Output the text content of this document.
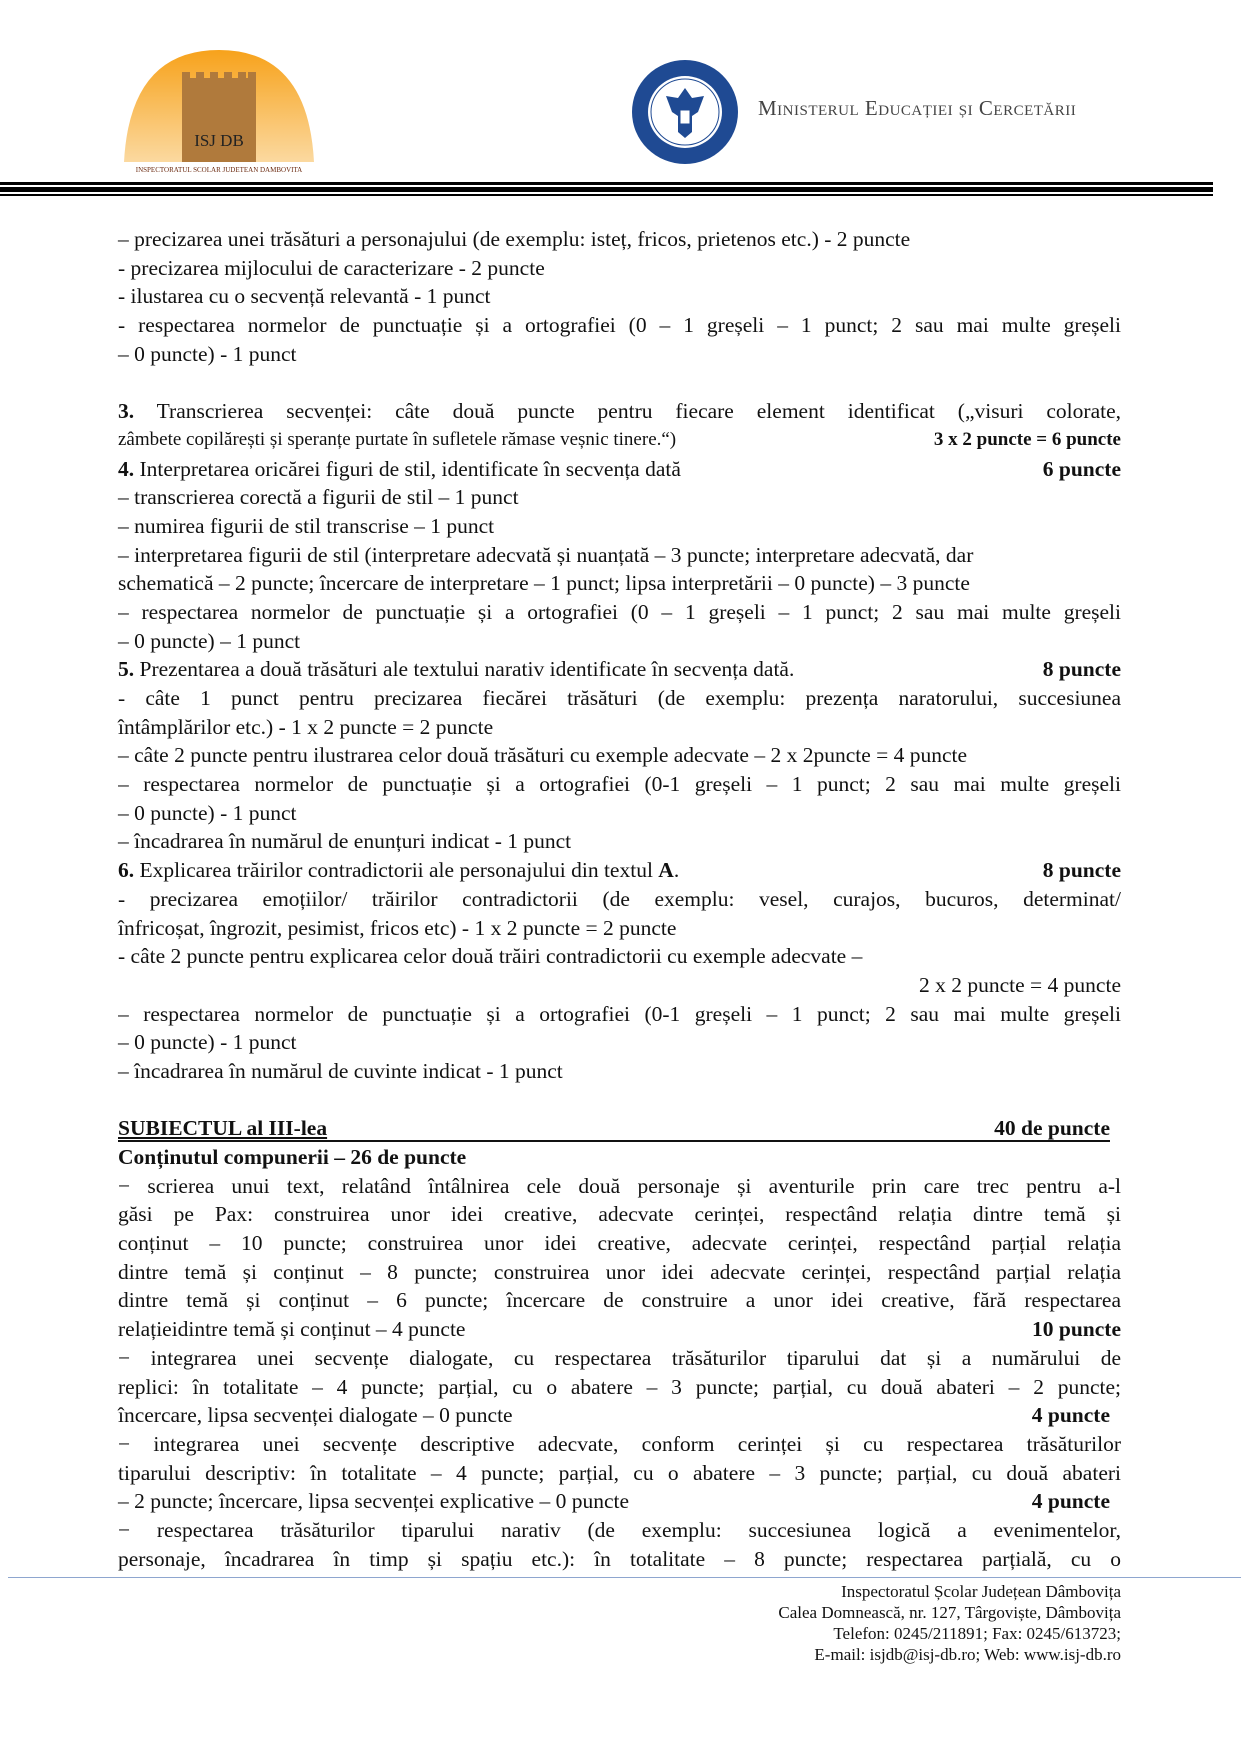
ISJ DB
INSPECTORATUL SCOLAR JUDETEAN DAMBOVITA
Ministerul Educației și Cercetării
– precizarea unei trăsături a personajului (de exemplu: isteț, fricos, prietenos etc.) - 2 puncte
- precizarea mijlocului de caracterizare - 2 puncte
- ilustarea cu o secvență relevantă - 1 punct
- respectarea normelor de punctuație și a ortografiei (0 – 1 greșeli – 1 punct; 2 sau mai multe greșeli
– 0 puncte) - 1 punct
3. Transcrierea secvenței: câte două puncte pentru fiecare element identificat („visuri colorate,
zâmbete copilărești și speranțe purtate în sufletele rămase veșnic tinere.“)	3 x 2 puncte = 6 puncte
4. Interpretarea oricărei figuri de stil, identificate în secvența dată	6 puncte
– transcrierea corectă a figurii de stil – 1 punct
– numirea figurii de stil transcrise – 1 punct
– interpretarea figurii de stil (interpretare adecvată și nuanțată – 3 puncte; interpretare adecvată, dar
schematică – 2 puncte; încercare de interpretare – 1 punct; lipsa interpretării – 0 puncte) – 3 puncte
– respectarea normelor de punctuație și a ortografiei (0 – 1 greșeli – 1 punct; 2 sau mai multe greșeli
– 0 puncte) – 1 punct
5. Prezentarea a două trăsături ale textului narativ identificate în secvența dată.	8 puncte
- câte 1 punct pentru precizarea fiecărei trăsături (de exemplu: prezența naratorului, succesiunea
întâmplărilor etc.) - 1 x 2 puncte = 2 puncte
– câte 2 puncte pentru ilustrarea celor două trăsături cu exemple adecvate – 2 x 2puncte = 4 puncte
– respectarea normelor de punctuație și a ortografiei (0-1 greșeli – 1 punct; 2 sau mai multe greșeli
– 0 puncte) - 1 punct
– încadrarea în numărul de enunțuri indicat - 1 punct
6. Explicarea trăirilor contradictorii ale personajului din textul A.	8 puncte
- precizarea emoțiilor/ trăirilor contradictorii (de exemplu: vesel, curajos, bucuros, determinat/
înfricoșat, îngrozit, pesimist, fricos etc) - 1 x 2 puncte = 2 puncte
- câte 2 puncte pentru explicarea celor două trăiri contradictorii cu exemple adecvate –
2 x 2 puncte = 4 puncte
– respectarea normelor de punctuație și a ortografiei (0-1 greșeli – 1 punct; 2 sau mai multe greșeli
– 0 puncte) - 1 punct
– încadrarea în numărul de cuvinte indicat - 1 punct
SUBIECTUL al III-lea	40 de puncte
Conținutul compunerii – 26 de puncte
− scrierea unui text, relatând întâlnirea cele două personaje și aventurile prin care trec pentru a-l
găsi pe Pax: construirea unor idei creative, adecvate cerinței, respectând relația dintre temă și
conținut – 10 puncte; construirea unor idei creative, adecvate cerinței, respectând parțial relația
dintre temă și conținut – 8 puncte; construirea unor idei adecvate cerinței, respectând parțial relația
dintre temă și conținut – 6 puncte; încercare de construire a unor idei creative, fără respectarea
relațieidintre temă și conținut – 4 puncte	10 puncte
− integrarea unei secvențe dialogate, cu respectarea trăsăturilor tiparului dat și a numărului de
replici: în totalitate – 4 puncte; parțial, cu o abatere – 3 puncte; parțial, cu două abateri – 2 puncte;
încercare, lipsa secvenței dialogate – 0 puncte	4 puncte
− integrarea unei secvențe descriptive adecvate, conform cerinței și cu respectarea trăsăturilor
tiparului descriptiv: în totalitate – 4 puncte; parțial, cu o abatere – 3 puncte; parțial, cu două abateri
– 2 puncte; încercare, lipsa secvenței explicative – 0 puncte	4 puncte
− respectarea trăsăturilor tiparului narativ (de exemplu: succesiunea logică a evenimentelor,
personaje, încadrarea în timp și spațiu etc.): în totalitate – 8 puncte; respectarea parțială, cu o
Inspectoratul Școlar Județean Dâmbovița
Calea Domnească, nr. 127, Târgoviște, Dâmbovița
Telefon: 0245/211891; Fax: 0245/613723;
E-mail: isjdb@isj-db.ro; Web: www.isj-db.ro
